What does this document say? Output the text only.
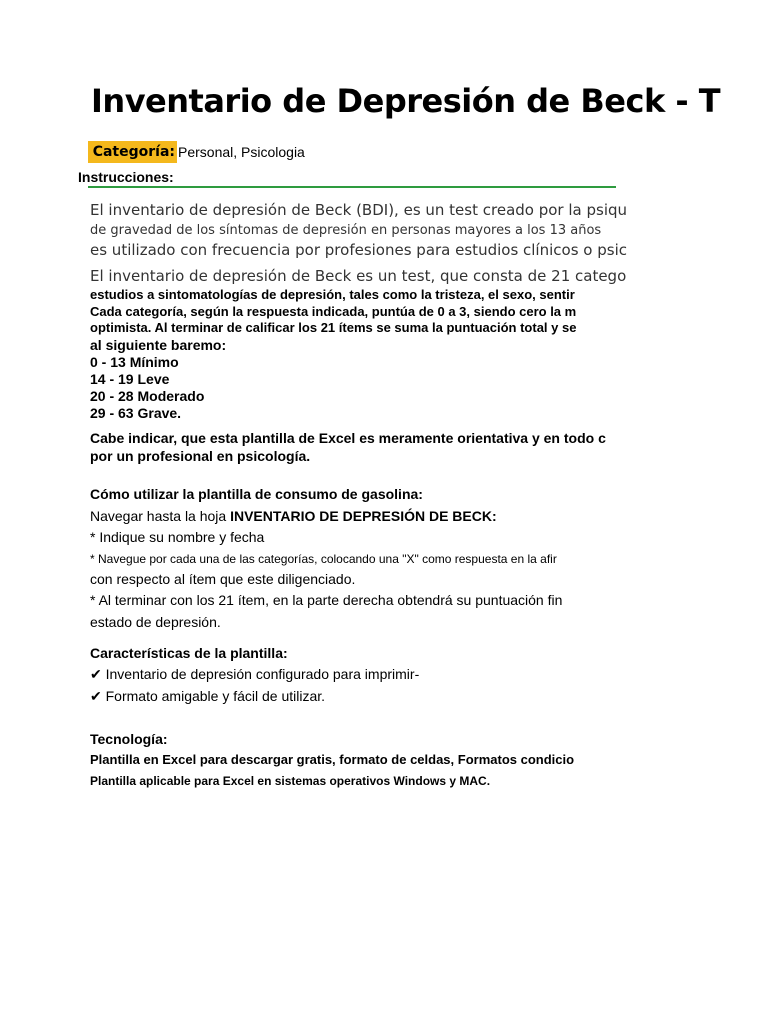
Inventario de Depresión de Beck - T
Categoría: Personal, Psicologia
Instrucciones:
El inventario de depresión de Beck (BDI), es un test creado por la psiqu
de gravedad de los síntomas de depresión en personas mayores a los 13 años
es utilizado con frecuencia por profesiones para estudios clínicos o psic
El inventario de depresión de Beck es un test, que consta de 21 catego
estudios a sintomatologías de depresión, tales como la tristeza, el sexo, sentir
Cada categoría, según la respuesta indicada, puntúa de 0 a 3, siendo cero la m
optimista. Al terminar de calificar los 21 ítems se suma la puntuación total y se
al siguiente baremo:
0 - 13 Mínimo
14 - 19 Leve
20 - 28 Moderado
29 - 63 Grave.
Cabe indicar, que esta plantilla de Excel es meramente orientativa y en todo c
por un profesional en psicología.
Cómo utilizar la plantilla de consumo de gasolina:
Navegar hasta la hoja INVENTARIO DE DEPRESIÓN DE BECK:
* Indique su nombre y fecha
* Navegue por cada una de las categorías, colocando una "X" como respuesta en la afir
con respecto al ítem que este diligenciado.
* Al terminar con los 21 ítem, en la parte derecha obtendrá su puntuación fin
estado de depresión.
Características de la plantilla:
✔ Inventario de depresión configurado para imprimir-
✔ Formato amigable y fácil de utilizar.
Tecnología:
Plantilla en Excel para descargar gratis, formato de celdas, Formatos condicio
Plantilla aplicable para Excel en sistemas operativos Windows y MAC.
